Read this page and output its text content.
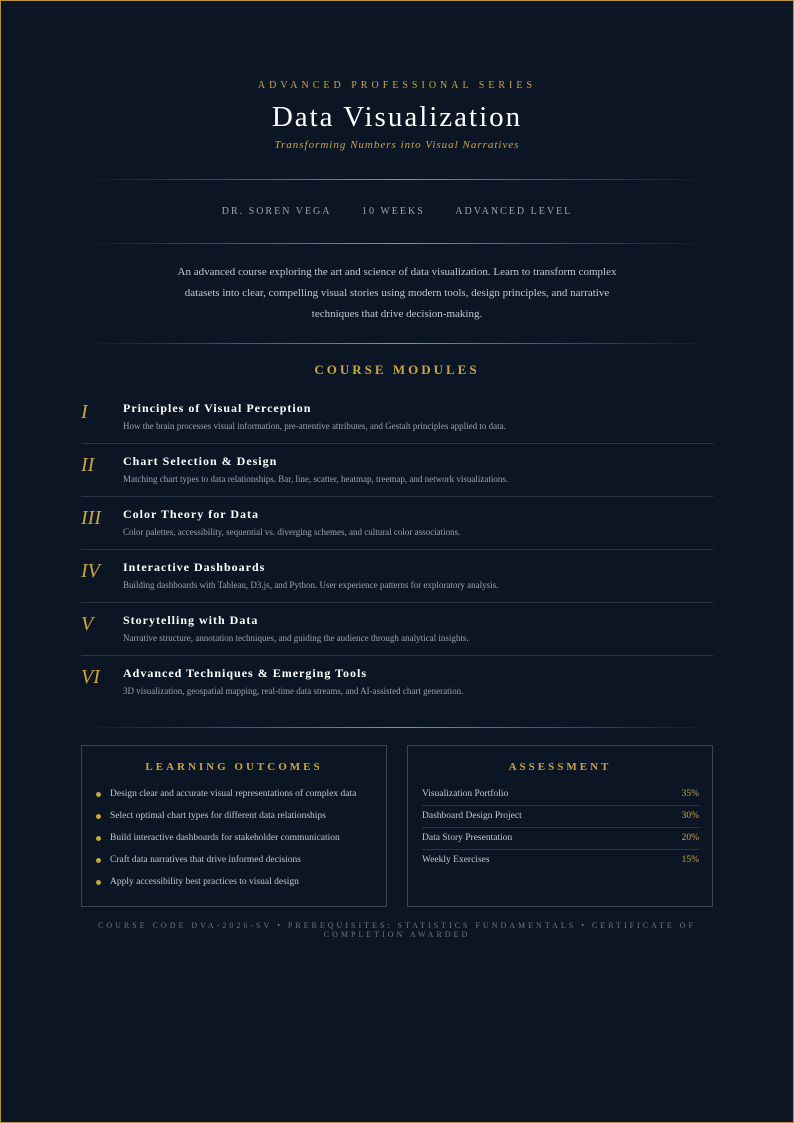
ADVANCED PROFESSIONAL SERIES
Data Visualization
Transforming Numbers into Visual Narratives
DR. SOREN VEGA	10 WEEKS	ADVANCED LEVEL
An advanced course exploring the art and science of data visualization. Learn to transform complex datasets into clear, compelling visual stories using modern tools, design principles, and narrative techniques that drive decision-making.
COURSE MODULES
I	Principles of Visual Perception
How the brain processes visual information, pre-attentive attributes, and Gestalt principles applied to data.
II Chart Selection & Design
Matching chart types to data relationships. Bar, line, scatter, heatmap, treemap, and network visualizations.
III Color Theory for Data
Color palettes, accessibility, sequential vs. diverging schemes, and cultural color associations.
IV Interactive Dashboards
Building dashboards with Tableau, D3.js, and Python. User experience patterns for exploratory analysis.
V Storytelling with Data
Narrative structure, annotation techniques, and guiding the audience through analytical insights.
VI Advanced Techniques & Emerging Tools
3D visualization, geospatial mapping, real-time data streams, and AI-assisted chart generation.
LEARNING OUTCOMES
Design clear and accurate visual representations of complex data
Select optimal chart types for different data relationships
Build interactive dashboards for stakeholder communication
Craft data narratives that drive informed decisions
Apply accessibility best practices to visual design
ASSESSMENT
Visualization Portfolio	35%
Dashboard Design Project	30%
Data Story Presentation	20%
Weekly Exercises	15%
COURSE CODE DVA-2026-SV • PREREQUISITES: STATISTICS FUNDAMENTALS • CERTIFICATE OF COMPLETION AWARDED
